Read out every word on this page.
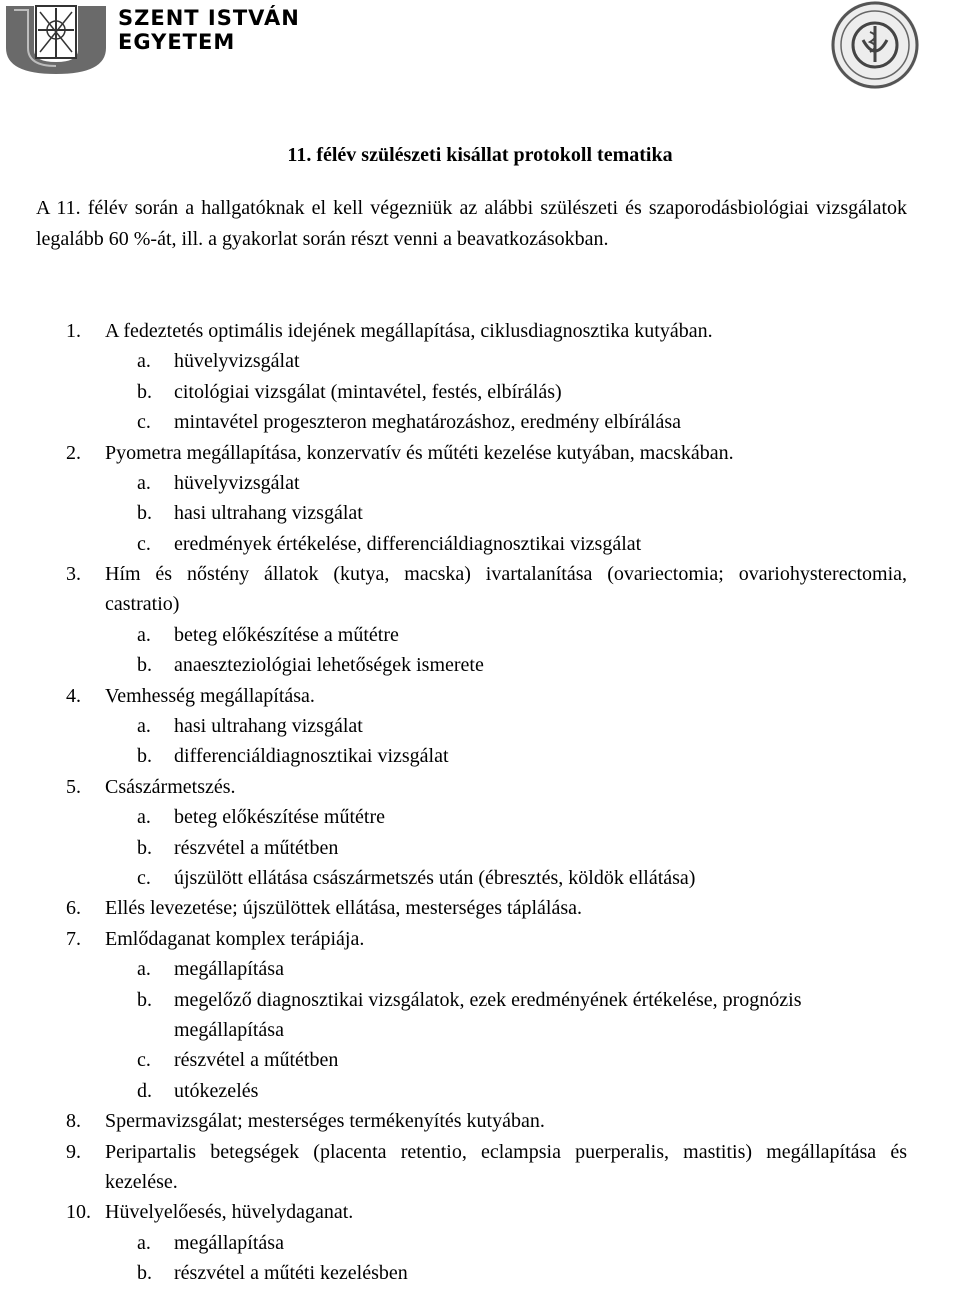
SZENT ISTVÁN
EGYETEM
11. félév szülészeti kisállat protokoll tematika
A 11. félév során a hallgatóknak el kell végezniük az alábbi szülészeti és szaporodásbiológiai vizsgálatok legalább 60 %-át, ill. a gyakorlat során részt venni a beavatkozásokban.
1. A fedeztetés optimális idejének megállapítása, ciklusdiagnosztika kutyában.
a. hüvelyvizsgálat
b. citológiai vizsgálat (mintavétel, festés, elbírálás)
c. mintavétel progeszteron meghatározáshoz, eredmény elbírálása
2. Pyometra megállapítása, konzervatív és műtéti kezelése kutyában, macskában.
a. hüvelyvizsgálat
b. hasi ultrahang vizsgálat
c. eredmények értékelése, differenciáldiagnosztikai vizsgálat
3. Hím és nőstény állatok (kutya, macska) ivartalanítása (ovariectomia; ovariohysterectomia, castratio)
a. beteg előkészítése a műtétre
b. anaeszteziológiai lehetőségek ismerete
4. Vemhesség megállapítása.
a. hasi ultrahang vizsgálat
b. differenciáldiagnosztikai vizsgálat
5. Császármetszés.
a. beteg előkészítése műtétre
b. részvétel a műtétben
c. újszülött ellátása császármetszés után (ébresztés, köldök ellátása)
6. Ellés levezetése; újszülöttek ellátása, mesterséges táplálása.
7. Emlődaganat komplex terápiája.
a. megállapítása
b. megelőző diagnosztikai vizsgálatok, ezek eredményének értékelése, prognózis megállapítása
c. részvétel a műtétben
d. utókezelés
8. Spermavizsgálat; mesterséges termékenyítés kutyában.
9. Peripartalis betegségek (placenta retentio, eclampsia puerperalis, mastitis) megállapítása és kezelése.
10. Hüvelyelőesés, hüvelydaganat.
a. megállapítása
b. részvétel a műtéti kezelésben
